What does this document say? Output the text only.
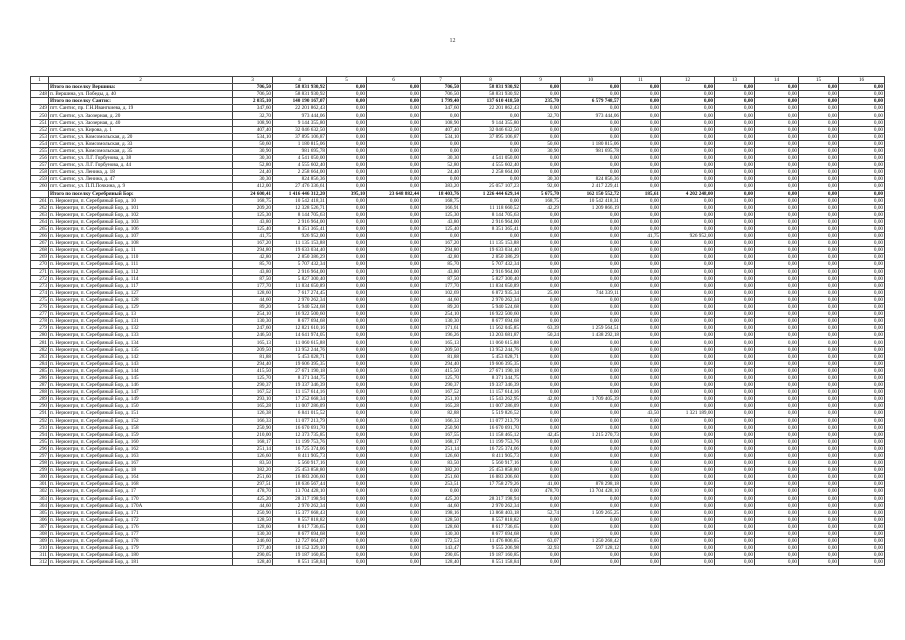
12
1	2	3	4	5	6	7	8	9	10	11	12	13	14	15	16
	Итого по поселку Вершина:	706,50	58 831 930,92	0,00	0,00	706,50	58 831 930,92	0,00	0,00	0,00	0,00	0,00	0,00	0,00	0,00
248	п. Вершина, ул. Победы, д. 40	706,50	58 831 930,92	0,00	0,00	706,50	58 831 930,92	0,00	0,00	0,00	0,00	0,00	0,00	0,00	0,00
	Итого по поселку Сантис:	2 035,10	140 190 167,07	0,00	0,00	1 799,40	137 610 418,50	235,70	6 579 748,57	0,00	0,00	0,00	0,00	0,00	0,00
249	пгт. Сантис, пр. Г.Н.Ивангкиева, д. 19	347,60	22 201 862,43	0,00	0,00	347,60	22 201 862,43	0,00	0,00	0,00	0,00	0,00	0,00	0,00	0,00
250	пгт. Сантис, ул. Заозерная, д. 20	32,70	973 444,06	0,00	0,00	0,00	0,00	32,70	973 444,06	0,00	0,00	0,00	0,00	0,00	0,00
251	пгт. Сантис, ул. Заозерная, д. 40	108,90	9 144 355,80	0,00	0,00	108,90	9 144 355,80	0,00	0,00	0,00	0,00	0,00	0,00	0,00	0,00
252	пгт. Сантис, ул. Кирова, д. 1	407,40	32 046 632,50	0,00	0,00	407,40	32 046 632,50	0,00	0,00	0,00	0,00	0,00	0,00	0,00	0,00
253	пгт. Сантис, ул. Комсомольская, д. 20	534,10	37 895 106,87	0,00	0,00	534,10	37 895 106,87	0,00	0,00	0,00	0,00	0,00	0,00	0,00	0,00
254	пгт. Сантис, ул. Комсомольская, д. 33	50,60	1 180 815,06	0,00	0,00	0,00	0,00	50,60	1 180 815,06	0,00	0,00	0,00	0,00	0,00	0,00
255	пгт. Сантис, ул. Комсомольская, д. 35	30,90	981 695,78	0,00	0,00	0,00	0,00	30,90	981 695,78	0,00	0,00	0,00	0,00	0,00	0,00
256	пгт. Сантис, ул. Л.Г. Горбунова, д. 38	30,30	4 541 050,00	0,00	0,00	30,30	4 541 050,00	0,00	0,00	0,00	0,00	0,00	0,00	0,00	0,00
257	пгт. Сантис, ул. Л.Г. Горбунова, д. 44	52,80	4 555 602,40	0,00	0,00	52,80	4 555 602,40	0,00	0,00	0,00	0,00	0,00	0,00	0,00	0,00
258	пгт. Сантис, ул. Ленина, д. 18	24,40	2 258 664,00	0,00	0,00	24,40	2 258 664,00	0,00	0,00	0,00	0,00	0,00	0,00	0,00	0,00
259	пгт. Сантис, ул. Ленина, д. 47	30,30	824 856,36	0,00	0,00	0,00	0,00	30,30	824 856,36	0,00	0,00	0,00	0,00	0,00	0,00
260	пгт. Сантис, ул. П.П.Почкина, д. 9	412,00	27 476 336,61	0,00	0,00	383,20	25 057 107,23	92,00	2 417 229,41	0,00	0,00	0,00	0,00	0,00	0,00
	Итого по поселку Серебряный Бор:	24 600,41	1 416 446 312,20	395,10	23 648 882,44	18 403,76	1 226 444 629,14	5 675,70	162 150 552,72	185,61	4 202 248,00	0,00	0,00	0,00	0,00
261	п. Нерюнгри, п. Серебряный Бор, д. 10	168,75	10 542 418,31	0,00	0,00	168,75	0,00	168,75	10 542 418,31	0,00	0,00	0,00	0,00	0,00	0,00
262	п. Нерюнгри, п. Серебряный Бор, д. 101	209,20	12 328 526,71	0,00	0,00	166,91	11 118 660,52	42,29	1 209 866,19	0,00	0,00	0,00	0,00	0,00	0,00
263	п. Нерюнгри, п. Серебряный Бор, д. 102	125,30	8 144 705,63	0,00	0,00	125,30	8 144 705,63	0,00	0,00	0,00	0,00	0,00	0,00	0,00	0,00
264	п. Нерюнгри, п. Серебряный Бор, д. 103	43,80	2 916 964,00	0,00	0,00	43,80	2 916 964,00	0,00	0,00	0,00	0,00	0,00	0,00	0,00	0,00
265	п. Нерюнгри, п. Серебряный Бор, д. 106	125,40	8 351 365,41	0,00	0,00	125,40	8 351 365,41	0,00	0,00	0,00	0,00	0,00	0,00	0,00	0,00
266	п. Нерюнгри, п. Серебряный Бор, д. 107	41,75	926 952,00	0,00	0,00	0,00	0,00	0,00	0,00	41,75	926 952,00	0,00	0,00	0,00	0,00
267	п. Нерюнгри, п. Серебряный Бор, д. 108	167,20	11 135 153,88	0,00	0,00	167,20	11 135 153,88	0,00	0,00	0,00	0,00	0,00	0,00	0,00	0,00
268	п. Нерюнгри, п. Серебряный Бор, д. 11	294,80	19 633 034,40	0,00	0,00	294,80	19 633 034,40	0,00	0,00	0,00	0,00	0,00	0,00	0,00	0,00
269	п. Нерюнгри, п. Серебряный Бор, д. 110	42,80	2 850 386,29	0,00	0,00	42,80	2 850 386,29	0,00	0,00	0,00	0,00	0,00	0,00	0,00	0,00
270	п. Нерюнгри, п. Серебряный Бор, д. 111	85,70	5 707 432,34	0,00	0,00	85,70	5 707 432,34	0,00	0,00	0,00	0,00	0,00	0,00	0,00	0,00
271	п. Нерюнгри, п. Серебряный Бор, д. 112	43,80	2 916 964,00	0,00	0,00	43,80	2 916 964,00	0,00	0,00	0,00	0,00	0,00	0,00	0,00	0,00
272	п. Нерюнгри, п. Серебряный Бор, д. 114	87,50	5 827 300,40	0,00	0,00	87,50	5 827 300,40	0,00	0,00	0,00	0,00	0,00	0,00	0,00	0,00
273	п. Нерюнгри, п. Серебряный Бор, д. 117	177,70	11 834 650,89	0,00	0,00	177,70	11 834 650,89	0,00	0,00	0,00	0,00	0,00	0,00	0,00	0,00
274	п. Нерюнгри, п. Серебряный Бор, д. 127	128,60	7 617 274,45	0,00	0,00	102,69	6 872 935,34	25,00	744 339,11	0,00	0,00	0,00	0,00	0,00	0,00
275	п. Нерюнгри, п. Серебряный Бор, д. 128	44,60	2 970 262,34	0,00	0,00	44,60	2 970 262,34	0,00	0,00	0,00	0,00	0,00	0,00	0,00	0,00
276	п. Нерюнгри, п. Серебряный Бор, д. 129	89,20	5 940 524,68	0,00	0,00	89,20	5 940 524,68	0,00	0,00	0,00	0,00	0,00	0,00	0,00	0,00
277	п. Нерюнгри, п. Серебряный Бор, д. 13	254,10	16 922 500,60	0,00	0,00	254,10	16 922 500,60	0,00	0,00	0,00	0,00	0,00	0,00	0,00	0,00
278	п. Нерюнгри, п. Серебряный Бор, д. 131	130,30	8 677 694,68	0,00	0,00	130,30	8 677 694,68	0,00	0,00	0,00	0,00	0,00	0,00	0,00	0,00
279	п. Нерюнгри, п. Серебряный Бор, д. 132	247,60	12 821 610,16	0,00	0,00	171,61	11 562 045,85	63,39	1 259 564,51	0,00	0,00	0,00	0,00	0,00	0,00
280	п. Нерюнгри, п. Серебряный Бор, д. 133	246,50	14 641 974,05	0,00	0,00	196,26	13 203 681,87	50,24	1 438 292,18	0,00	0,00	0,00	0,00	0,00	0,00
281	п. Нерюнгри, п. Серебряный Бор, д. 134	165,13	11 060 615,88	0,00	0,00	165,13	11 060 615,88	0,00	0,00	0,00	0,00	0,00	0,00	0,00	0,00
282	п. Нерюнгри, п. Серебряный Бор, д. 135	209,50	13 952 244,76	0,00	0,00	209,50	13 952 244,76	0,00	0,00	0,00	0,00	0,00	0,00	0,00	0,00
283	п. Нерюнгри, п. Серебряный Бор, д. 142	81,88	5 453 028,71	0,00	0,00	81,88	5 453 028,71	0,00	0,00	0,00	0,00	0,00	0,00	0,00	0,00
284	п. Нерюнгри, п. Серебряный Бор, д. 143	294,40	19 606 395,35	0,00	0,00	294,40	19 606 395,35	0,00	0,00	0,00	0,00	0,00	0,00	0,00	0,00
285	п. Нерюнгри, п. Серебряный Бор, д. 144	415,50	27 671 190,18	0,00	0,00	415,50	27 671 190,18	0,00	0,00	0,00	0,00	0,00	0,00	0,00	0,00
286	п. Нерюнгри, п. Серебряный Бор, д. 145	125,70	8 371 344,75	0,00	0,00	125,70	8 371 344,75	0,00	0,00	0,00	0,00	0,00	0,00	0,00	0,00
287	п. Нерюнгри, п. Серебряный Бор, д. 146	290,37	19 337 346,39	0,00	0,00	290,37	19 337 346,39	0,00	0,00	0,00	0,00	0,00	0,00	0,00	0,00
288	п. Нерюнгри, п. Серебряный Бор, д. 147	167,52	11 157 614,16	0,00	0,00	167,52	11 157 614,16	0,00	0,00	0,00	0,00	0,00	0,00	0,00	0,00
289	п. Нерюнгри, п. Серебряный Бор, д. 149	293,10	17 252 668,34	0,00	0,00	251,10	15 543 262,95	42,00	1 709 405,39	0,00	0,00	0,00	0,00	0,00	0,00
290	п. Нерюнгри, п. Серебряный Бор, д. 150	165,28	11 007 286,09	0,00	0,00	165,28	11 007 286,09	0,00	0,00	0,00	0,00	0,00	0,00	0,00	0,00
291	п. Нерюнгри, п. Серебряный Бор, д. 151	126,38	6 841 015,52	0,00	0,00	82,88	5 519 826,52	0,00	0,00	43,50	1 321 189,00	0,00	0,00	0,00	0,00
292	п. Нерюнгри, п. Серебряный Бор, д. 152	166,33	11 077 213,79	0,00	0,00	166,33	11 077 213,79	0,00	0,00	0,00	0,00	0,00	0,00	0,00	0,00
293	п. Нерюнгри, п. Серебряный Бор, д. 158	250,90	16 670 691,70	0,00	0,00	250,90	16 670 691,70	0,00	0,00	0,00	0,00	0,00	0,00	0,00	0,00
294	п. Нерюнгри, п. Серебряный Бор, д. 159	210,00	12 373 735,85	0,00	0,00	167,55	11 158 465,12	42,45	1 215 270,73	0,00	0,00	0,00	0,00	0,00	0,00
295	п. Нерюнгри, п. Серебряный Бор, д. 160	168,17	11 199 753,76	0,00	0,00	168,17	11 199 753,76	0,00	0,00	0,00	0,00	0,00	0,00	0,00	0,00
296	п. Нерюнгри, п. Серебряный Бор, д. 162	251,14	16 725 374,06	0,00	0,00	251,14	16 725 374,06	0,00	0,00	0,00	0,00	0,00	0,00	0,00	0,00
297	п. Нерюнгри, п. Серебряный Бор, д. 163	126,60	8 411 905,73	0,00	0,00	126,60	8 411 905,73	0,00	0,00	0,00	0,00	0,00	0,00	0,00	0,00
298	п. Нерюнгри, п. Серебряный Бор, д. 167	83,50	5 560 917,16	0,00	0,00	83,50	5 560 917,16	0,00	0,00	0,00	0,00	0,00	0,00	0,00	0,00
299	п. Нерюнгри, п. Серебряный Бор, д. 18	382,20	25 453 858,80	0,00	0,00	382,20	25 453 858,80	0,00	0,00	0,00	0,00	0,00	0,00	0,00	0,00
300	п. Нерюнгри, п. Серебряный Бор, д. 164	251,60	16 883 206,60	0,00	0,00	251,60	16 883 206,60	0,00	0,00	0,00	0,00	0,00	0,00	0,00	0,00
301	п. Нерюнгри, п. Серебряный Бор, д. 168	297,51	18 636 567,44	0,00	0,00	253,51	17 758 279,26	41,00	878 298,18	0,00	0,00	0,00	0,00	0,00	0,00
302	п. Нерюнгри, п. Серебряный Бор, д. 17	478,70	13 704 428,10	0,00	0,00	0,00	0,00	478,70	13 704 428,10	0,00	0,00	0,00	0,00	0,00	0,00
303	п. Нерюнгри, п. Серебряный Бор, д. 170	425,20	28 317 198,94	0,00	0,00	425,20	28 317 198,94	0,00	0,00	0,00	0,00	0,00	0,00	0,00	0,00
304	п. Нерюнгри, п. Серебряный Бор, д. 170А	44,60	2 970 262,34	0,00	0,00	44,60	2 970 262,34	0,00	0,00	0,00	0,00	0,00	0,00	0,00	0,00
305	п. Нерюнгри, п. Серебряный Бор, д. 171	250,90	15 377 668,43	0,00	0,00	198,16	13 868 403,18	52,74	1 509 265,25	0,00	0,00	0,00	0,00	0,00	0,00
306	п. Нерюнгри, п. Серебряный Бор, д. 172	128,50	8 557 818,82	0,00	0,00	128,50	8 557 818,82	0,00	0,00	0,00	0,00	0,00	0,00	0,00	0,00
307	п. Нерюнгри, п. Серебряный Бор, д. 176	128,60	8 617 736,65	0,00	0,00	128,60	8 617 736,65	0,00	0,00	0,00	0,00	0,00	0,00	0,00	0,00
308	п. Нерюнгри, п. Серебряный Бор, д. 177	130,30	8 677 694,68	0,00	0,00	130,30	8 677 694,68	0,00	0,00	0,00	0,00	0,00	0,00	0,00	0,00
309	п. Нерюнгри, п. Серебряный Бор, д. 178	246,60	12 727 064,07	0,00	0,00	172,53	11 476 806,65	63,07	1 250 268,42	0,00	0,00	0,00	0,00	0,00	0,00
310	п. Нерюнгри, п. Серебряный Бор, д. 179	177,40	10 152 329,10	0,00	0,00	143,47	9 555 206,98	32,93	597 128,12	0,00	0,00	0,00	0,00	0,00	0,00
311	п. Нерюнгри, п. Серебряный Бор, д. 180	290,05	19 187 160,85	0,00	0,00	290,05	19 187 160,85	0,00	0,00	0,00	0,00	0,00	0,00	0,00	0,00
312	п. Нерюнгри, п. Серебряный Бор, д. 181	128,40	8 551 158,84	0,00	0,00	128,40	8 551 158,84	0,00	0,00	0,00	0,00	0,00	0,00	0,00	0,00
